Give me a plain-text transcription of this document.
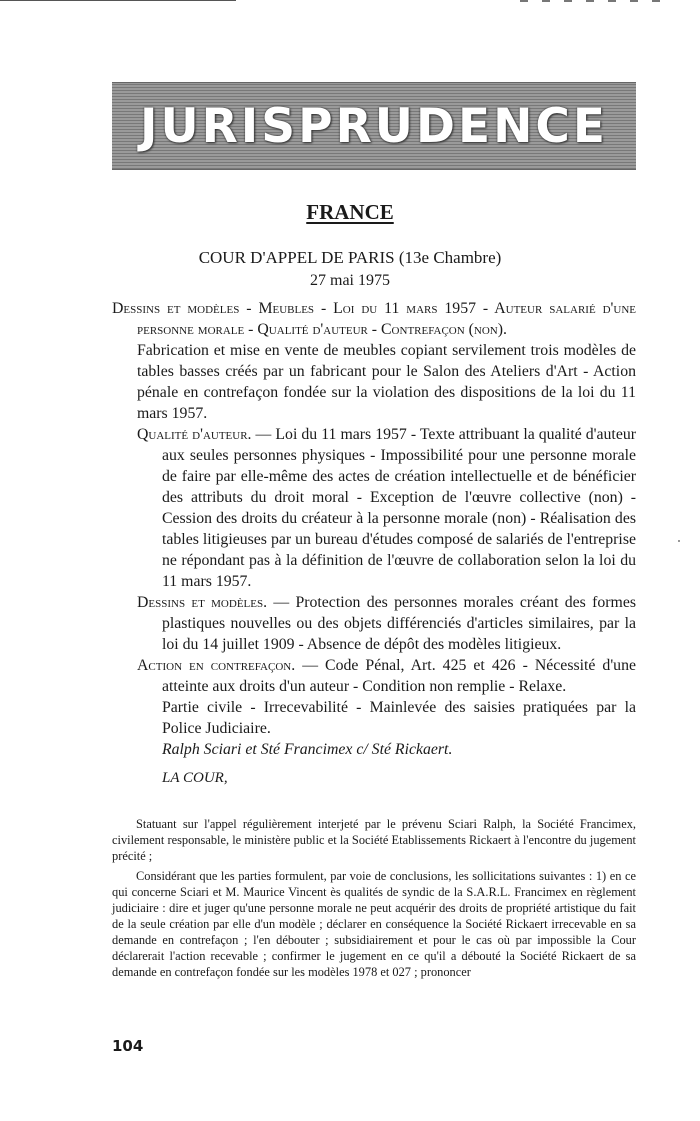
JURISPRUDENCE
FRANCE
COUR D'APPEL DE PARIS (13e Chambre)
27 mai 1975

Dessins et modèles - Meubles - Loi du 11 mars 1957 - Auteur salarié d'une personne morale - Qualité d'auteur - Contrefaçon (non).

Fabrication et mise en vente de meubles copiant servilement trois modèles de tables basses créés par un fabricant pour le Salon des Ateliers d'Art - Action pénale en contrefaçon fondée sur la violation des dispositions de la loi du 11 mars 1957.

Qualité d'auteur. — Loi du 11 mars 1957 - Texte attribuant la qualité d'auteur aux seules personnes physiques - Impossibilité pour une personne morale de faire par elle-même des actes de création intellectuelle et de bénéficier des attributs du droit moral - Exception de l'œuvre collective (non) - Cession des droits du créateur à la personne morale (non) - Réalisation des tables litigieuses par un bureau d'études composé de salariés de l'entreprise ne répondant pas à la définition de l'œuvre de collaboration selon la loi du 11 mars 1957.

Dessins et modèles. — Protection des personnes morales créant des formes plastiques nouvelles ou des objets différenciés d'articles similaires, par la loi du 14 juillet 1909 - Absence de dépôt des modèles litigieux.

Action en contrefaçon. — Code Pénal, Art. 425 et 426 - Nécessité d'une atteinte aux droits d'un auteur - Condition non remplie - Relaxe.

Partie civile - Irrecevabilité - Mainlevée des saisies pratiquées par la Police Judiciaire.

Ralph Sciari et Sté Francimex c/ Sté Rickaert.

LA COUR,

Statuant sur l'appel régulièrement interjeté par le prévenu Sciari Ralph, la Société Francimex, civilement responsable, le ministère public et la Société Etablissements Rickaert à l'encontre du jugement précité ;

Considérant que les parties formulent, par voie de conclusions, les sollicitations suivantes : 1) en ce qui concerne Sciari et M. Maurice Vincent ès qualités de syndic de la S.A.R.L. Francimex en règlement judiciaire : dire et juger qu'une personne morale ne peut acquérir des droits de propriété artistique du fait de la seule création par elle d'un modèle ; déclarer en conséquence la Société Rickaert irrecevable en sa demande en contrefaçon ; l'en débouter ; subsidiairement et pour le cas où par impossible la Cour déclarerait l'action recevable ; confirmer le jugement en ce qu'il a débouté la Société Rickaert de sa demande en contrefaçon fondée sur les modèles 1978 et 027 ; prononcer

104
